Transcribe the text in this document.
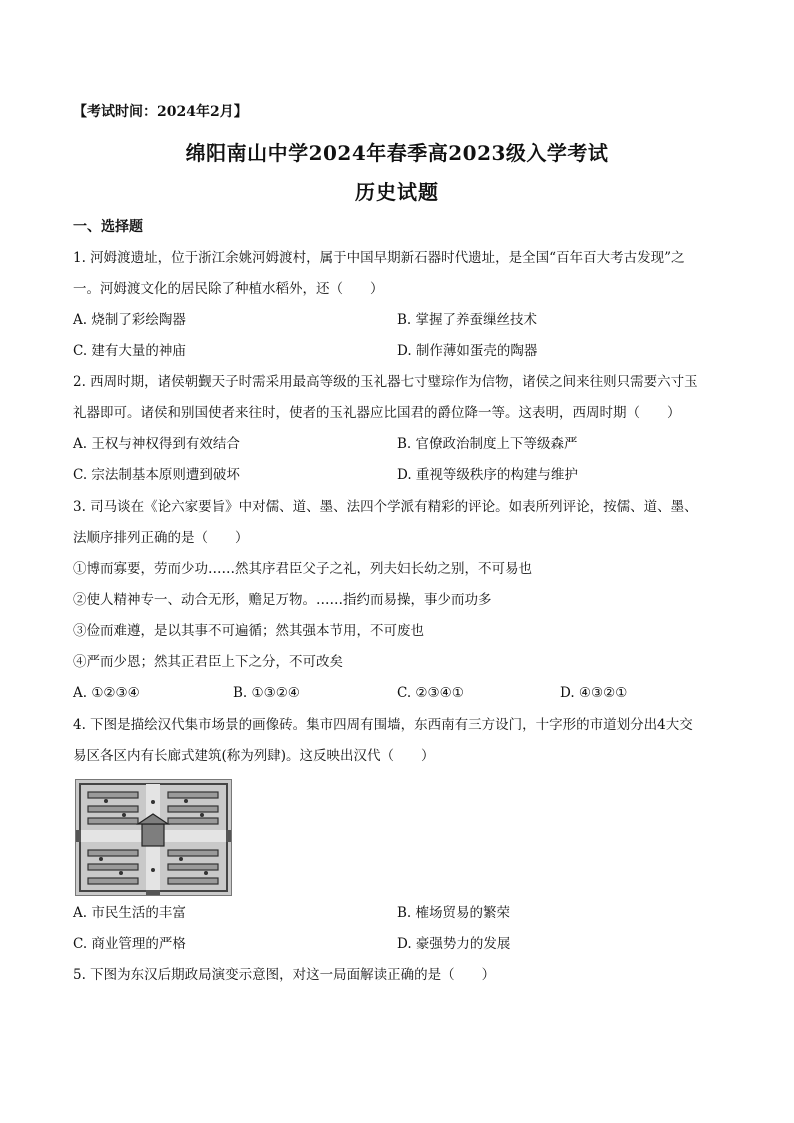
【考试时间：2024年2月】
绵阳南山中学2024年春季高2023级入学考试
历史试题
一、选择题
1. 河姆渡遗址，位于浙江余姚河姆渡村，属于中国早期新石器时代遗址，是全国“百年百大考古发现”之
一。河姆渡文化的居民除了种植水稻外，还（　　）
A. 烧制了彩绘陶器	B. 掌握了养蚕缫丝技术
C. 建有大量的神庙	D. 制作薄如蛋壳的陶器
2. 西周时期，诸侯朝觐天子时需采用最高等级的玉礼器七寸璧琮作为信物，诸侯之间来往则只需要六寸玉
礼器即可。诸侯和别国使者来往时，使者的玉礼器应比国君的爵位降一等。这表明，西周时期（　　）
A. 王权与神权得到有效结合	B. 官僚政治制度上下等级森严
C. 宗法制基本原则遭到破坏	D. 重视等级秩序的构建与维护
3. 司马谈在《论六家要旨》中对儒、道、墨、法四个学派有精彩的评论。如表所列评论，按儒、道、墨、
法顺序排列正确的是（　　）
①博而寡要，劳而少功……然其序君臣父子之礼，列夫妇长幼之别，不可易也
②使人精神专一、动合无形，赡足万物。……指约而易操，事少而功多
③俭而难遵，是以其事不可遍循；然其强本节用，不可废也
④严而少恩；然其正君臣上下之分，不可改矣
A. ①②③④	B. ①③②④	C. ②③④①	D. ④③②①
4. 下图是描绘汉代集市场景的画像砖。集市四周有围墙，东西南有三方设门，十字形的市道划分出4大交
易区各区内有长廊式建筑(称为列肆)。这反映出汉代（　　）
A. 市民生活的丰富	B. 榷场贸易的繁荣
C. 商业管理的严格	D. 豪强势力的发展
5. 下图为东汉后期政局演变示意图，对这一局面解读正确的是（　　）
